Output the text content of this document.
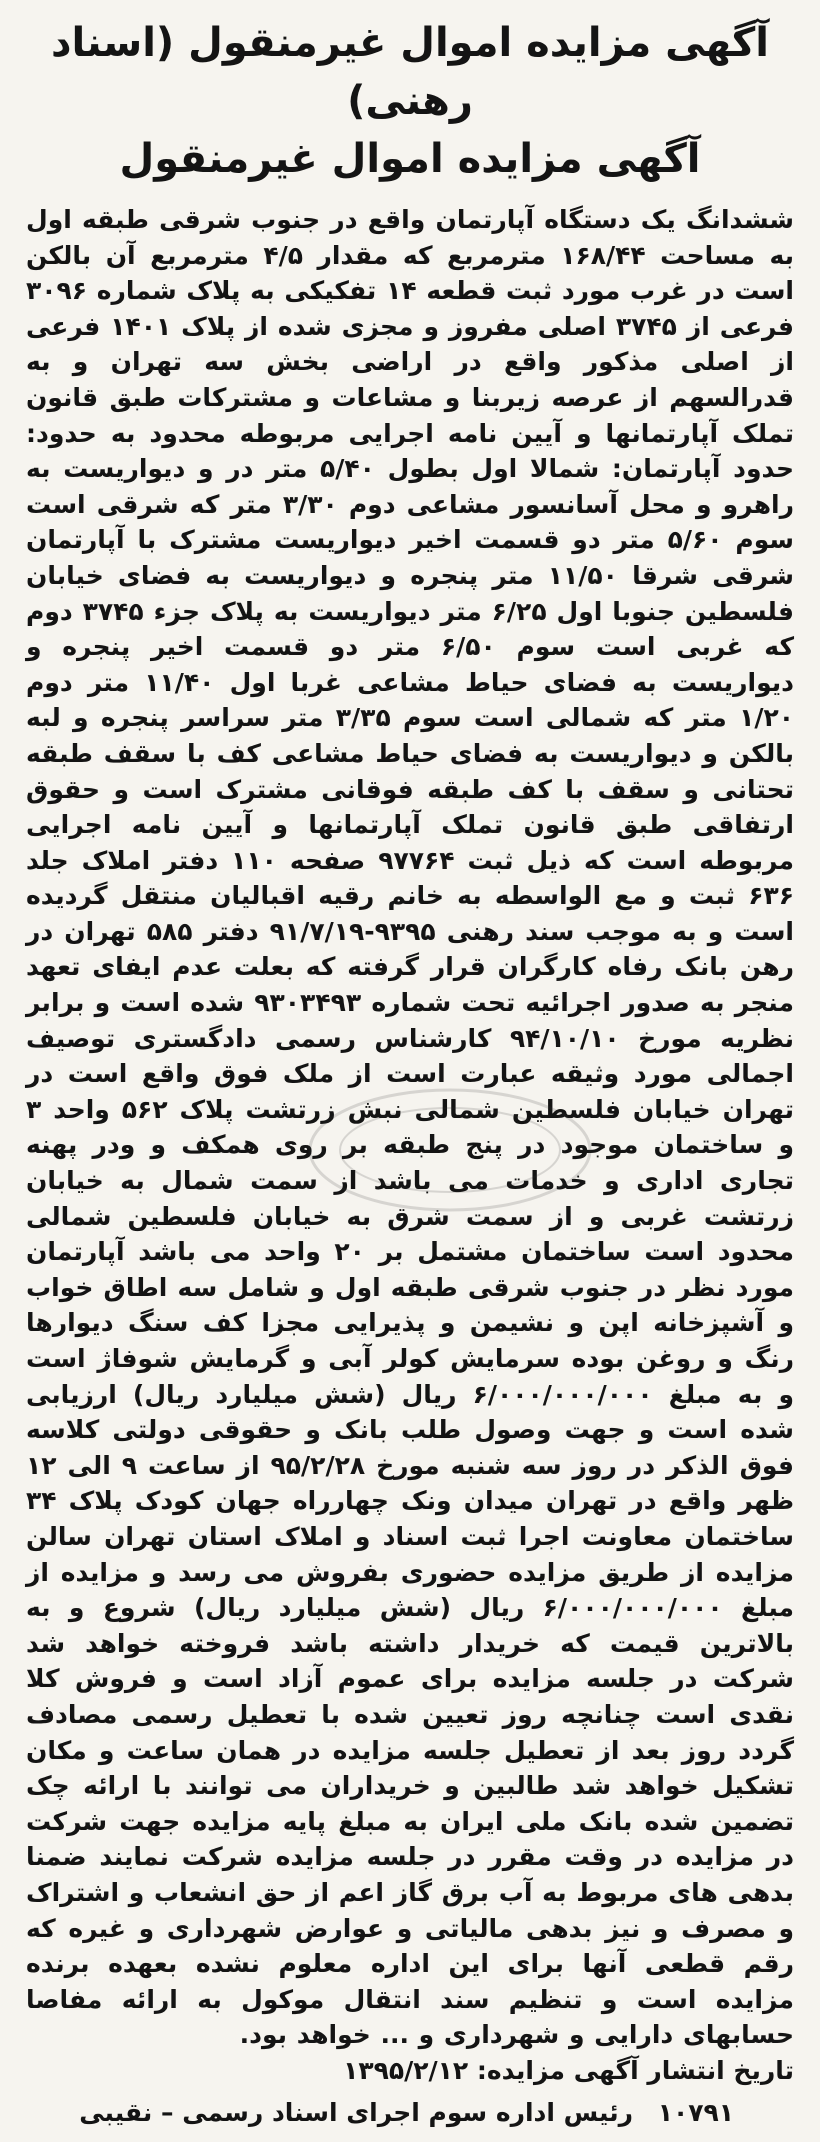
آگهی مزایده اموال غیرمنقول (اسناد رهنی)
آگهی مزایده اموال غیرمنقول

ششدانگ یک دستگاه آپارتمان واقع در جنوب شرقی طبقه اول به مساحت ۱۶۸/۴۴ مترمربع که مقدار ۴/۵ مترمربع آن بالکن است در غرب مورد ثبت قطعه ۱۴ تفکیکی به پلاک شماره ۳۰۹۶ فرعی از ۳۷۴۵ اصلی مفروز و مجزی شده از پلاک ۱۴۰۱ فرعی از اصلی مذکور واقع در اراضی بخش سه تهران و به قدرالسهم از عرصه زیربنا و مشاعات و مشترکات طبق قانون تملک آپارتمانها و آیین نامه اجرایی مربوطه محدود به حدود: حدود آپارتمان: شمالا اول بطول ۵/۴۰ متر در و دیواریست به راهرو و محل آسانسور مشاعی دوم ۳/۳۰ متر که شرقی است سوم ۵/۶۰ متر دو قسمت اخیر دیواریست مشترک با آپارتمان شرقی شرقا ۱۱/۵۰ متر پنجره و دیواریست به فضای خیابان فلسطین جنوبا اول ۶/۲۵ متر دیواریست به پلاک جزء ۳۷۴۵ دوم که غربی است سوم ۶/۵۰ متر دو قسمت اخیر پنجره و دیواریست به فضای حیاط مشاعی غربا اول ۱۱/۴۰ متر دوم ۱/۲۰ متر که شمالی است سوم ۳/۳۵ متر سراسر پنجره و لبه بالکن و دیواریست به فضای حیاط مشاعی کف با سقف طبقه تحتانی و سقف با کف طبقه فوقانی مشترک است و حقوق ارتفاقی طبق قانون تملک آپارتمانها و آیین نامه اجرایی مربوطه است که ذیل ثبت ۹۷۷۶۴ صفحه ۱۱۰ دفتر املاک جلد ۶۳۶ ثبت و مع الواسطه به خانم رقیه اقبالیان منتقل گردیده است و به موجب سند رهنی ۹۳۹۵-۹۱/۷/۱۹ دفتر ۵۸۵ تهران در رهن بانک رفاه کارگران قرار گرفته که بعلت عدم ایفای تعهد منجر به صدور اجرائیه تحت شماره ۹۳۰۳۴۹۳ شده است و برابر نظریه مورخ ۹۴/۱۰/۱۰ کارشناس رسمی دادگستری توصیف اجمالی مورد وثیقه عبارت است از ملک فوق واقع است در تهران خیابان فلسطین شمالی نبش زرتشت پلاک ۵۶۲ واحد ۳ و ساختمان موجود در پنج طبقه بر روی همکف و ودر پهنه تجاری اداری و خدمات می باشد از سمت شمال به خیابان زرتشت غربی و از سمت شرق به خیابان فلسطین شمالی محدود است ساختمان مشتمل بر ۲۰ واحد می باشد آپارتمان مورد نظر در جنوب شرقی طبقه اول و شامل سه اطاق خواب و آشپزخانه اپن و نشیمن و پذیرایی مجزا کف سنگ دیوارها رنگ و روغن بوده سرمایش کولر آبی و گرمایش شوفاژ است و به مبلغ ۶/۰۰۰/۰۰۰/۰۰۰ ریال (شش میلیارد ریال) ارزیابی شده است و جهت وصول طلب بانک و حقوقی دولتی کلاسه فوق الذکر در روز سه شنبه مورخ ۹۵/۲/۲۸ از ساعت ۹ الی ۱۲ ظهر واقع در تهران میدان ونک چهارراه جهان کودک پلاک ۳۴ ساختمان معاونت اجرا ثبت اسناد و املاک استان تهران سالن مزایده از طریق مزایده حضوری بفروش می رسد و مزایده از مبلغ ۶/۰۰۰/۰۰۰/۰۰۰ ریال (شش میلیارد ریال) شروع و به بالاترین قیمت که خریدار داشته باشد فروخته خواهد شد شرکت در جلسه مزایده برای عموم آزاد است و فروش کلا نقدی است چنانچه روز تعیین شده با تعطیل رسمی مصادف گردد روز بعد از تعطیل جلسه مزایده در همان ساعت و مکان تشکیل خواهد شد طالبین و خریداران می توانند با ارائه چک تضمین شده بانک ملی ایران به مبلغ پایه مزایده جهت شرکت در مزایده در وقت مقرر در جلسه مزایده شرکت نمایند ضمنا بدهی های مربوط به آب برق گاز اعم از حق انشعاب و اشتراک و مصرف و نیز بدهی مالیاتی و عوارض شهرداری و غیره که رقم قطعی آنها برای این اداره معلوم نشده بعهده برنده مزایده است و تنظیم سند انتقال موکول به ارائه مفاصا حسابهای دارایی و شهرداری و ... خواهد بود.

تاریخ انتشار آگهی مزایده: ۱۳۹۵/۲/۱۲
۱۰۷۹۱ رئیس اداره سوم اجرای اسناد رسمی – نقیبی
